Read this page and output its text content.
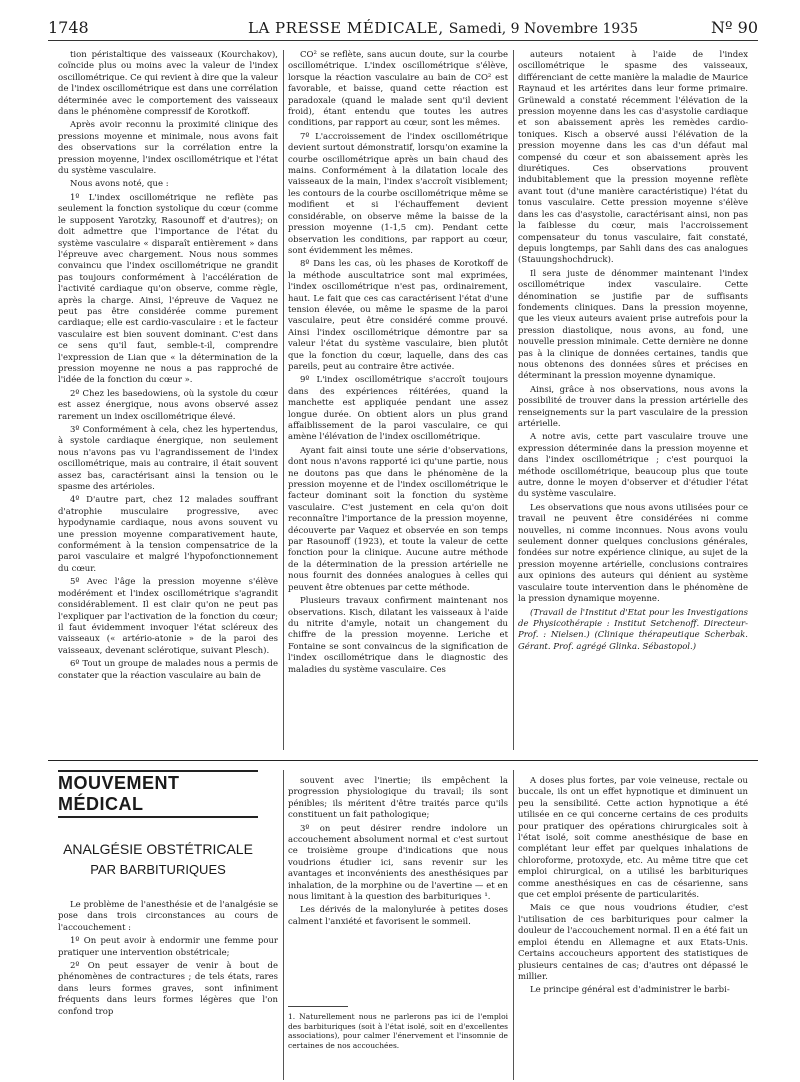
1748	LA PRESSE MÉDICALE, Samedi, 9 Novembre 1935	Nº 90

tion péristaltique des vaisseaux (Kourchakov), coïncide plus ou moins avec la valeur de l'index oscillométrique. Ce qui revient à dire que la valeur de l'index oscillométrique est dans une corrélation déterminée avec le comportement des vaisseaux dans le phénomène compressif de Korotkoff.

Après avoir reconnu la proximité clinique des pressions moyenne et minimale, nous avons fait des observations sur la corrélation entre la pression moyenne, l'index oscillométrique et l'état du système vasculaire.

Nous avons noté, que :

1º L'index oscillométrique ne reflète pas seulement la fonction systolique du cœur (comme le supposent Yarotzky, Rasounoff et d'autres); on doit admettre que l'importance de l'état du système vasculaire « disparaît entièrement » dans l'épreuve avec chargement. Nous nous sommes convaincu que l'index oscillométrique ne grandit pas toujours conformément à l'accélération de l'activité cardiaque qu'on observe, comme règle, après la charge. Ainsi, l'épreuve de Vaquez ne peut pas être considérée comme purement cardiaque; elle est cardio-vasculaire : et le facteur vasculaire est bien souvent dominant. C'est dans ce sens qu'il faut, semble-t-il, comprendre l'expression de Lian que « la détermination de la pression moyenne ne nous a pas rapproché de l'idée de la fonction du cœur ».

2º Chez les basedowiens, où la systole du cœur est assez énergique, nous avons observé assez rarement un index oscillométrique élevé.

3º Conformément à cela, chez les hypertendus, à systole cardiaque énergique, non seulement nous n'avons pas vu l'agrandissement de l'index oscillométrique, mais au contraire, il était souvent assez bas, caractérisant ainsi la tension ou le spasme des artérioles.

4º D'autre part, chez 12 malades souffrant d'atrophie musculaire progressive, avec hypodynamie cardiaque, nous avons souvent vu une pression moyenne comparativement haute, conformément à la tension compensatrice de la paroi vasculaire et malgré l'hypofonctionnement du cœur.

5º Avec l'âge la pression moyenne s'élève modérément et l'index oscillométrique s'agrandit considérablement. Il est clair qu'on ne peut pas l'expliquer par l'activation de la fonction du cœur; il faut évidemment invoquer l'état scléreux des vaisseaux (« artério-atonie » de la paroi des vaisseaux, devenant sclérotique, suivant Plesch).

6º Tout un groupe de malades nous a permis de constater que la réaction vasculaire au bain de

CO² se reflète, sans aucun doute, sur la courbe oscillométrique. L'index oscillométrique s'élève, lorsque la réaction vasculaire au bain de CO² est favorable, et baisse, quand cette réaction est paradoxale (quand le malade sent qu'il devient froid), étant entendu que toutes les autres conditions, par rapport au cœur, sont les mêmes.

7º L'accroissement de l'index oscillométrique devient surtout démonstratif, lorsqu'on examine la courbe oscillométrique après un bain chaud des mains. Conformément à la dilatation locale des vaisseaux de la main, l'index s'accroît visiblement; les contours de la courbe oscillométrique même se modifient et si l'échauffement devient considérable, on observe même la baisse de la pression moyenne (1-1,5 cm). Pendant cette observation les conditions, par rapport au cœur, sont évidemment les mêmes.

8º Dans les cas, où les phases de Korotkoff de la méthode auscultatrice sont mal exprimées, l'index oscillométrique n'est pas, ordinairement, haut. Le fait que ces cas caractérisent l'état d'une tension élevée, ou même le spasme de la paroi vasculaire, peut être considéré comme prouvé. Ainsi l'index oscillométrique démontre par sa valeur l'état du système vasculaire, bien plutôt que la fonction du cœur, laquelle, dans des cas pareils, peut au contraire être activée.

9º L'index oscillométrique s'accroît toujours dans des expériences réitérées, quand la manchette est appliquée pendant une assez longue durée. On obtient alors un plus grand affaiblissement de la paroi vasculaire, ce qui amène l'élévation de l'index oscillométrique.

Ayant fait ainsi toute une série d'observations, dont nous n'avons rapporté ici qu'une partie, nous ne doutons pas que dans le phénomène de la pression moyenne et de l'index oscillométrique le facteur dominant soit la fonction du système vasculaire. C'est justement en cela qu'on doit reconnaître l'importance de la pression moyenne, découverte par Vaquez et observée en son temps par Rasounoff (1923), et toute la valeur de cette fonction pour la clinique. Aucune autre méthode de la détermination de la pression artérielle ne nous fournit des données analogues à celles qui peuvent être obtenues par cette méthode.

Plusieurs travaux confirment maintenant nos observations. Kisch, dilatant les vaisseaux à l'aide du nitrite d'amyle, notait un changement du chiffre de la pression moyenne. Leriche et Fontaine se sont convaincus de la signification de l'index oscillométrique dans le diagnostic des maladies du système vasculaire. Ces

auteurs notaient à l'aide de l'index oscillométrique le spasme des vaisseaux, différenciant de cette manière la maladie de Maurice Raynaud et les artérites dans leur forme primaire. Grünewald a constaté récemment l'élévation de la pression moyenne dans les cas d'asystolie cardiaque et son abaissement après les remèdes cardio-toniques. Kisch a observé aussi l'élévation de la pression moyenne dans les cas d'un défaut mal compensé du cœur et son abaissement après les diurétiques. Ces observations prouvent indubitablement que la pression moyenne reflète avant tout (d'une manière caractéristique) l'état du tonus vasculaire. Cette pression moyenne s'élève dans les cas d'asystolie, caractérisant ainsi, non pas la faiblesse du cœur, mais l'accroissement compensateur du tonus vasculaire, fait constaté, depuis longtemps, par Sahli dans des cas analogues (Stauungshochdruck).

Il sera juste de dénommer maintenant l'index oscillométrique index vasculaire. Cette dénomination se justifie par de suffisants fondements cliniques. Dans la pression moyenne, que les vieux auteurs avaient prise autrefois pour la pression diastolique, nous avons, au fond, une nouvelle pression minimale. Cette dernière ne donne pas à la clinique de données certaines, tandis que nous obtenons des données sûres et précises en déterminant la pression moyenne dynamique.

Ainsi, grâce à nos observations, nous avons la possibilité de trouver dans la pression artérielle des renseignements sur la part vasculaire de la pression artérielle.

A notre avis, cette part vasculaire trouve une expression déterminée dans la pression moyenne et dans l'index oscillométrique ; c'est pourquoi la méthode oscillométrique, beaucoup plus que toute autre, donne le moyen d'observer et d'étudier l'état du système vasculaire.

Les observations que nous avons utilisées pour ce travail ne peuvent être considérées ni comme nouvelles, ni comme inconnues. Nous avons voulu seulement donner quelques conclusions générales, fondées sur notre expérience clinique, au sujet de la pression moyenne artérielle, conclusions contraires aux opinions des auteurs qui dénient au système vasculaire toute intervention dans le phénomène de la pression dynamique moyenne.

(Travail de l'Institut d'Etat pour les Investigations de Physicothérapie : Institut Setchenoff. Directeur-Prof. : Nielsen.) (Clinique thérapeutique Scherbak. Gérant. Prof. agrégé Glinka. Sébastopol.)

MOUVEMENT MÉDICAL
ANALGÉSIE OBSTÉTRICALE
PAR BARBITURIQUES

Le problème de l'anesthésie et de l'analgésie se pose dans trois circonstances au cours de l'accouchement :

1º On peut avoir à endormir une femme pour pratiquer une intervention obstétricale;

2º On peut essayer de venir à bout de phénomènes de contractures ; de tels états, rares dans leurs formes graves, sont infiniment fréquents dans leurs formes légères que l'on confond trop

souvent avec l'inertie; ils empêchent la progression physiologique du travail; ils sont pénibles; ils méritent d'être traités parce qu'ils constituent un fait pathologique;

3º on peut désirer rendre indolore un accouchement absolument normal et c'est surtout ce troisième groupe d'indications que nous voudrions étudier ici, sans revenir sur les avantages et inconvénients des anesthésiques par inhalation, de la morphine ou de l'avertine — et en nous limitant à la question des barbituriques ¹.

Les dérivés de la malonylurée à petites doses calment l'anxiété et favorisent le sommeil.

1. Naturellement nous ne parlerons pas ici de l'emploi des barbituriques (soit à l'état isolé, soit en d'excellentes associations), pour calmer l'énervement et l'insomnie de certaines de nos accouchées.

A doses plus fortes, par voie veineuse, rectale ou buccale, ils ont un effet hypnotique et diminuent un peu la sensibilité. Cette action hypnotique a été utilisée en ce qui concerne certains de ces produits pour pratiquer des opérations chirurgicales soit à l'état isolé, soit comme anesthésique de base en complétant leur effet par quelques inhalations de chloroforme, protoxyde, etc. Au même titre que cet emploi chirurgical, on a utilisé les barbituriques comme anesthésiques en cas de césarienne, sans que cet emploi présente de particularités.

Mais ce que nous voudrions étudier, c'est l'utilisation de ces barbituriques pour calmer la douleur de l'accouchement normal. Il en a été fait un emploi étendu en Allemagne et aux Etats-Unis. Certains accoucheurs apportent des statistiques de plusieurs centaines de cas; d'autres ont dépassé le millier.

Le principe général est d'administrer le barbi-
